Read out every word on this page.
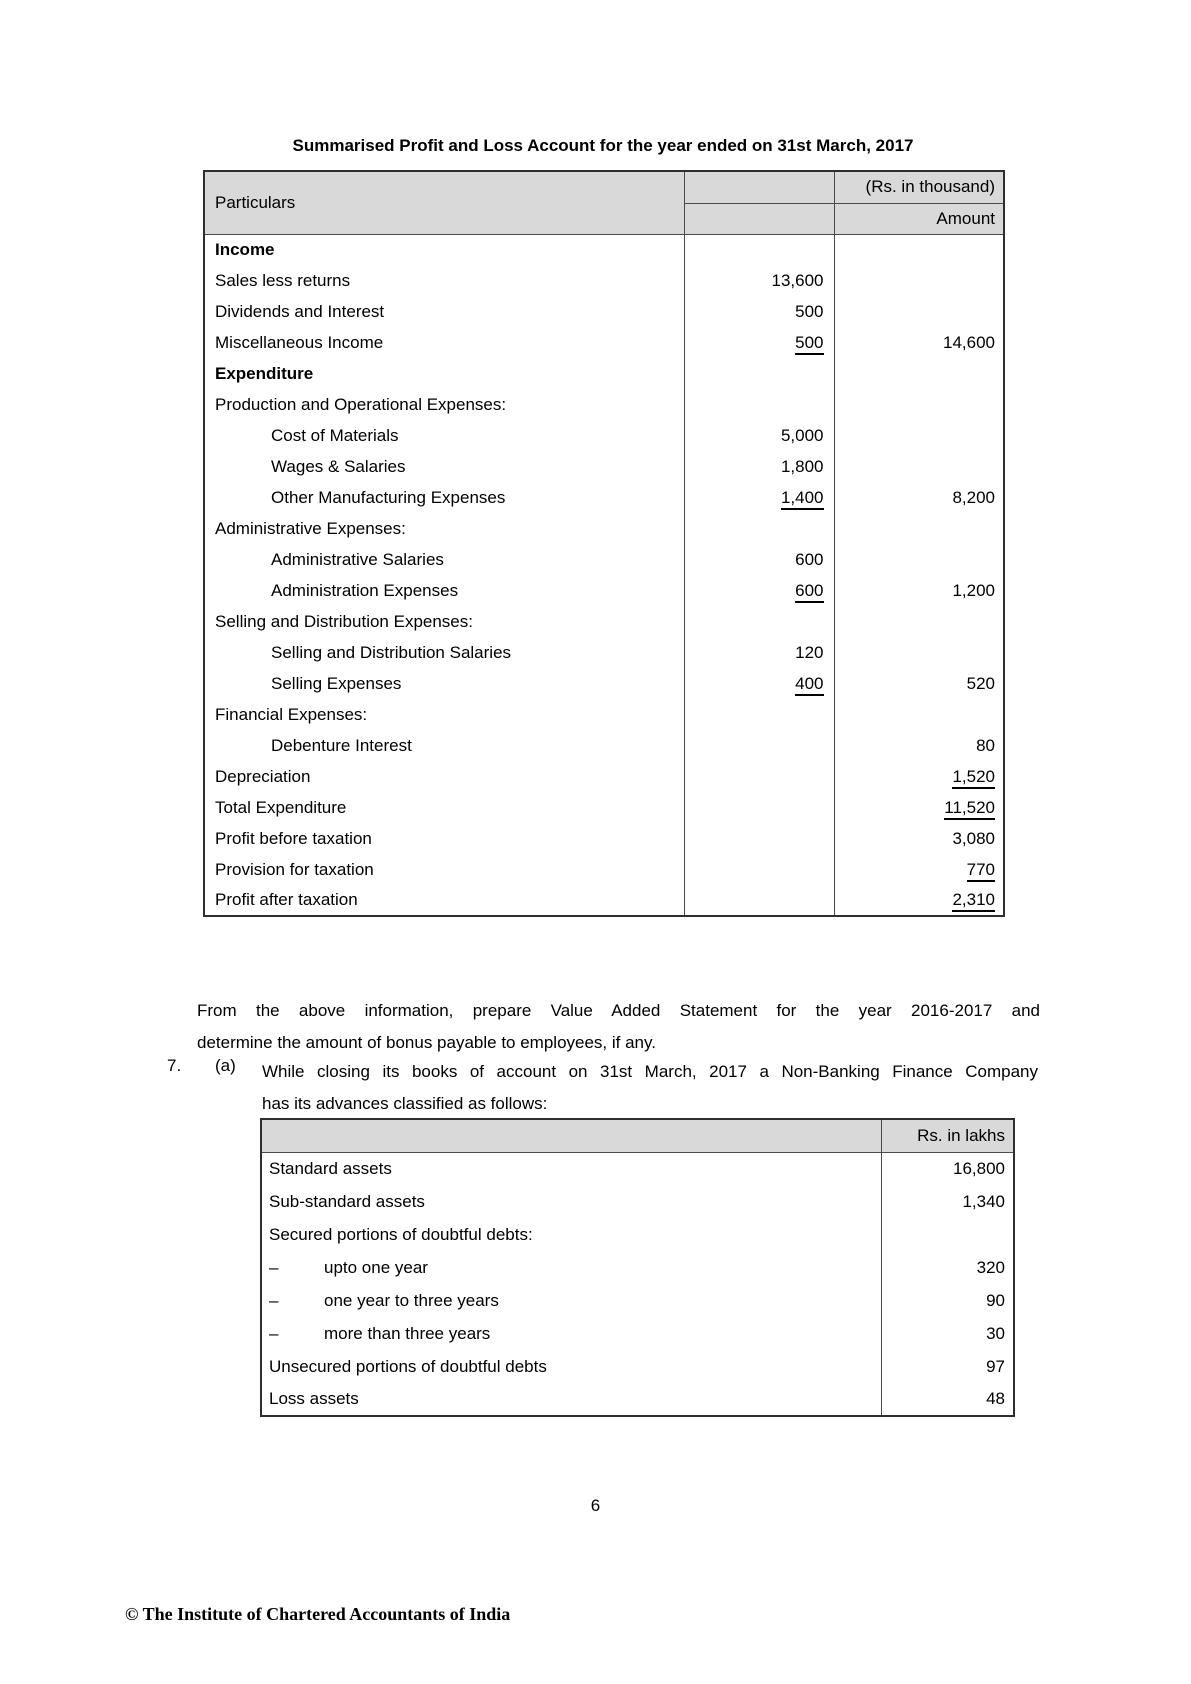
Summarised Profit and Loss Account for the year ended on 31st March, 2017
Particulars		(Rs. in thousand)
		Amount
Income		
Sales less returns	13,600	
Dividends and Interest	500	
Miscellaneous Income	500	14,600
Expenditure		
Production and Operational Expenses:		
Cost of Materials	5,000	
Wages & Salaries	1,800	
Other Manufacturing Expenses	1,400	8,200
Administrative Expenses:		
Administrative Salaries	600	
Administration Expenses	600	1,200
Selling and Distribution Expenses:		
Selling and Distribution Salaries	120	
Selling Expenses	400	520
Financial Expenses:		
Debenture Interest		80
Depreciation		1,520
Total Expenditure		11,520
Profit before taxation		3,080
Provision for taxation		770
Profit after taxation		2,310
From the above information, prepare Value Added Statement for the year 2016-2017 and
determine the amount of bonus payable to employees, if any.
7. (a) While closing its books of account on 31st March, 2017 a Non-Banking Finance Company
has its advances classified as follows:
	Rs. in lakhs
Standard assets	16,800
Sub-standard assets	1,340
Secured portions of doubtful debts:	
– upto one year	320
– one year to three years	90
– more than three years	30
Unsecured portions of doubtful debts	97
Loss assets	48
6
© The Institute of Chartered Accountants of India
